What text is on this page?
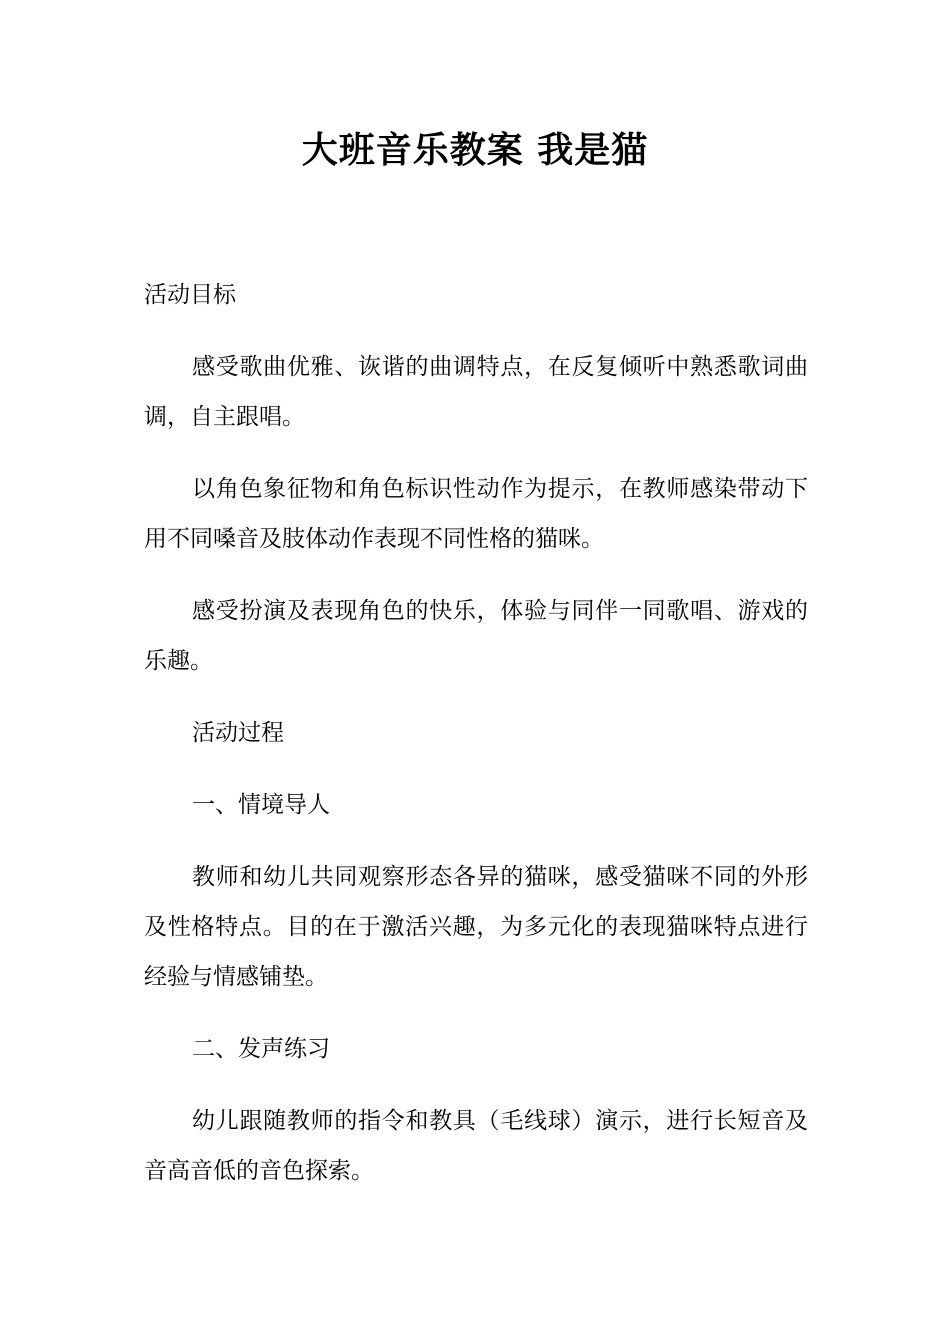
大班音乐教案 我是猫

活动目标

感受歌曲优雅、诙谐的曲调特点，在反复倾听中熟悉歌词曲调，自主跟唱。

以角色象征物和角色标识性动作为提示，在教师感染带动下用不同嗓音及肢体动作表现不同性格的猫咪。

感受扮演及表现角色的快乐，体验与同伴一同歌唱、游戏的乐趣。

活动过程

一、情境导人

教师和幼儿共同观察形态各异的猫咪，感受猫咪不同的外形及性格特点。目的在于激活兴趣，为多元化的表现猫咪特点进行经验与情感铺垫。

二、发声练习

幼儿跟随教师的指令和教具（毛线球）演示，进行长短音及音高音低的音色探索。
